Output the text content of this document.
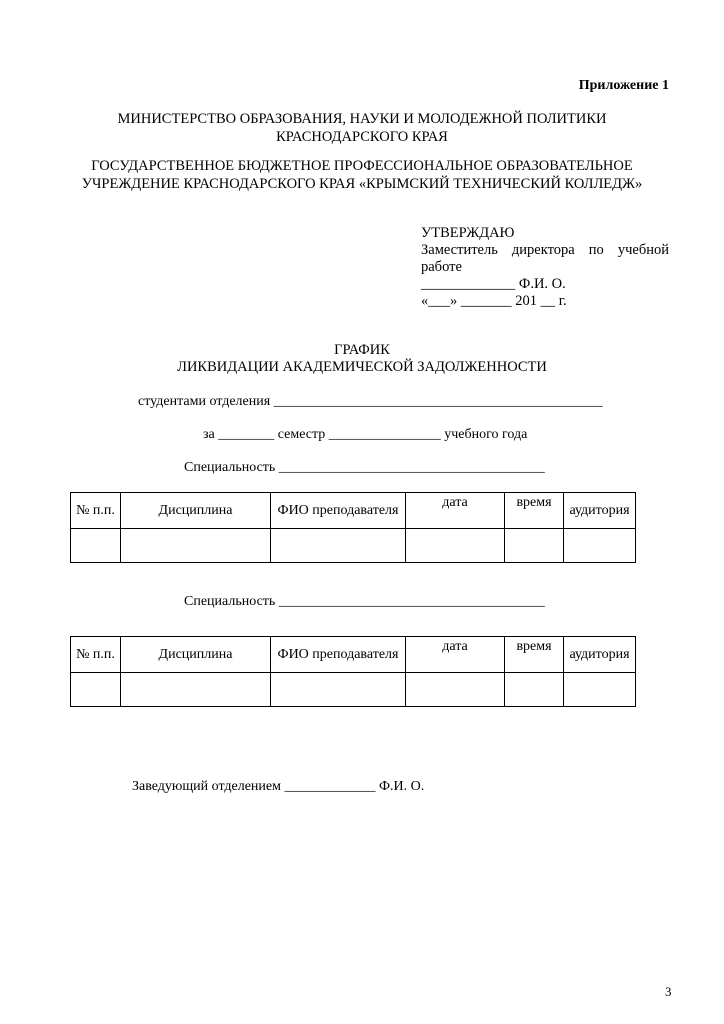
Приложение 1
МИНИСТЕРСТВО ОБРАЗОВАНИЯ, НАУКИ И МОЛОДЕЖНОЙ ПОЛИТИКИ
КРАСНОДАРСКОГО КРАЯ
ГОСУДАРСТВЕННОЕ БЮДЖЕТНОЕ ПРОФЕССИОНАЛЬНОЕ ОБРАЗОВАТЕЛЬНОЕ
УЧРЕЖДЕНИЕ КРАСНОДАРСКОГО КРАЯ «КРЫМСКИЙ ТЕХНИЧЕСКИЙ КОЛЛЕДЖ»
УТВЕРЖДАЮ
Заместитель директора по учебной
работе
_____________ Ф.И. О.
«___» _______ 201 __ г.
ГРАФИК
ЛИКВИДАЦИИ АКАДЕМИЧЕСКОЙ ЗАДОЛЖЕННОСТИ
студентами отделения _______________________________________________
за ________ семестр ________________ учебного года
Специальность ______________________________________
№ п.п.	Дисциплина	ФИО преподавателя	дата	время	аудитория

Специальность ______________________________________
№ п.п.	Дисциплина	ФИО преподавателя	дата	время	аудитория

Заведующий отделением _____________ Ф.И. О.
3
